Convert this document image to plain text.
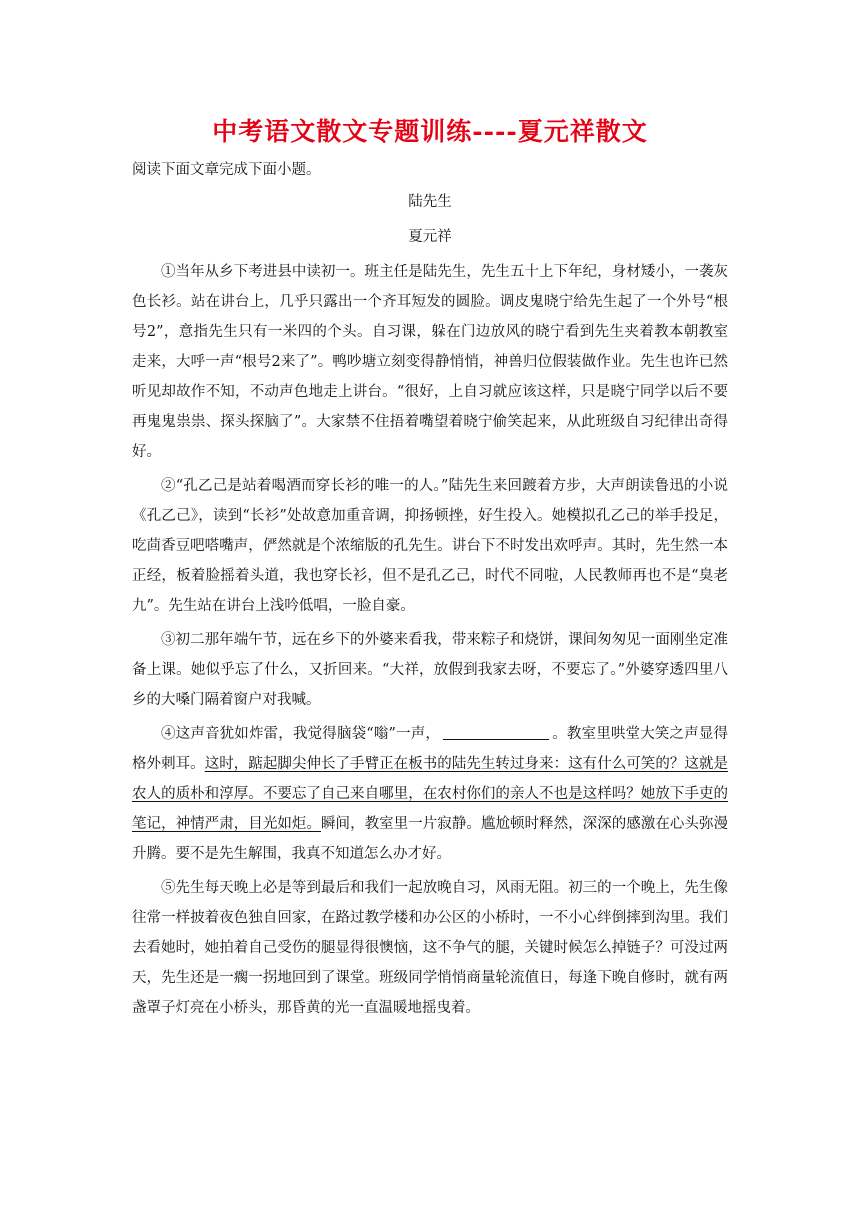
中考语文散文专题训练----夏元祥散文
阅读下面文章完成下面小题。
陆先生
夏元祥

①当年从乡下考进县中读初一。班主任是陆先生，先生五十上下年纪，身材矮小，一袭灰色长衫。站在讲台上，几乎只露出一个齐耳短发的圆脸。调皮鬼晓宁给先生起了一个外号“根号2”，意指先生只有一米四的个头。自习课，躲在门边放风的晓宁看到先生夹着教本朝教室走来，大呼一声“根号2来了”。鸭吵塘立刻变得静悄悄，神兽归位假装做作业。先生也许已然听见却故作不知，不动声色地走上讲台。“很好，上自习就应该这样，只是晓宁同学以后不要再鬼鬼祟祟、探头探脑了”。大家禁不住捂着嘴望着晓宁偷笑起来，从此班级自习纪律出奇得好。

②“孔乙己是站着喝酒而穿长衫的唯一的人。”陆先生来回踱着方步，大声朗读鲁迅的小说《孔乙己》，读到“长衫”处故意加重音调，抑扬顿挫，好生投入。她模拟孔乙己的举手投足，吃茴香豆吧嗒嘴声，俨然就是个浓缩版的孔先生。讲台下不时发出欢呼声。其时，先生然一本正经，板着脸摇着头道，我也穿长衫，但不是孔乙己，时代不同啦，人民教师再也不是“臭老九”。先生站在讲台上浅吟低唱，一脸自豪。

③初二那年端午节，远在乡下的外婆来看我，带来粽子和烧饼，课间匆匆见一面刚坐定准备上课。她似乎忘了什么，又折回来。“大祥，放假到我家去呀，不要忘了。”外婆穿透四里八乡的大嗓门隔着窗户对我喊。

④这声音犹如炸雷，我觉得脑袋“嗡”一声，	。教室里哄堂大笑之声显得格外刺耳。这时，踮起脚尖伸长了手臂正在板书的陆先生转过身来：这有什么可笑的？这就是农人的质朴和淳厚。不要忘了自己来自哪里，在农村你们的亲人不也是这样吗？她放下手吏的笔记，神情严肃，目光如炬。瞬间，教室里一片寂静。尴尬顿时释然，深深的感激在心头弥漫升腾。要不是先生解围，我真不知道怎么办才好。

⑤先生每天晚上必是等到最后和我们一起放晚自习，风雨无阻。初三的一个晚上，先生像往常一样披着夜色独自回家，在路过教学楼和办公区的小桥时，一不小心绊倒摔到沟里。我们去看她时，她拍着自己受伤的腿显得很懊恼，这不争气的腿，关键时候怎么掉链子？可没过两天，先生还是一瘸一拐地回到了课堂。班级同学悄悄商量轮流值日，每逢下晚自修时，就有两盏罩子灯亮在小桥头，那昏黄的光一直温暖地摇曳着。
